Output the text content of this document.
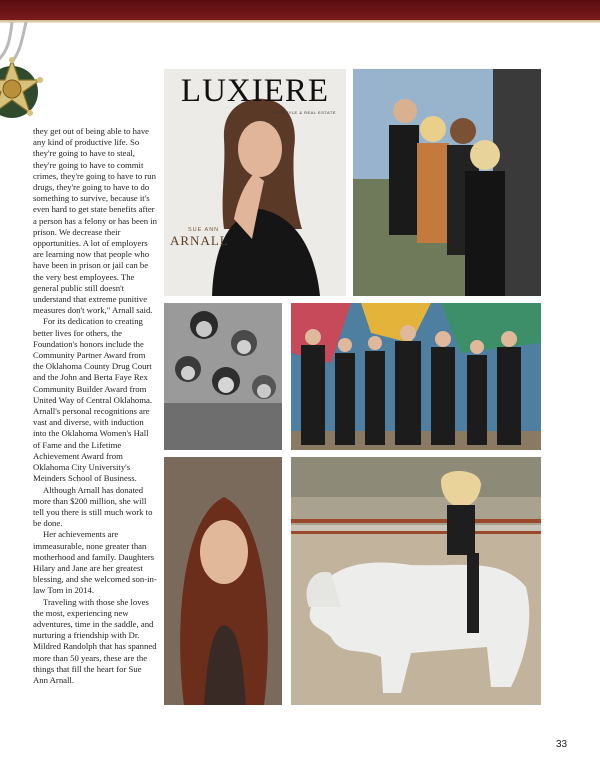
they get out of being able to have any kind of productive life. So they're going to have to steal, they're going to have to commit crimes, they're going to have to run drugs, they're going to have to do something to survive, because it's even hard to get state benefits after a person has a felony or has been in prison. We decrease their opportunities. A lot of employers are learning now that people who have been in prison or jail can be the very best employees. The general public still doesn't understand that extreme punitive measures don't work," Arnall said.

For its dedication to creating better lives for others, the Foundation's honors include the Community Partner Award from the Oklahoma County Drug Court and the John and Berta Faye Rex Community Builder Award from United Way of Central Oklahoma. Arnall's personal recognitions are vast and diverse, with induction into the Oklahoma Women's Hall of Fame and the Lifetime Achievement Award from Oklahoma City University's Meinders School of Business.

Although Arnall has donated more than $200 million, she will tell you there is still much work to be done.

Her achievements are immeasurable, none greater than motherhood and family. Daughters Hilary and Jane are her greatest blessing, and she welcomed son-in-law Tom in 2014.

Traveling with those she loves the most, experiencing new adventures, time in the saddle, and nurturing a friendship with Dr. Mildred Randolph that has spanned more than 50 years, these are the things that fill the heart for Sue Ann Arnall.

LUXIERE
LIFESTYLE & REAL ESTATE
SUE ANN
ARNALL
33
